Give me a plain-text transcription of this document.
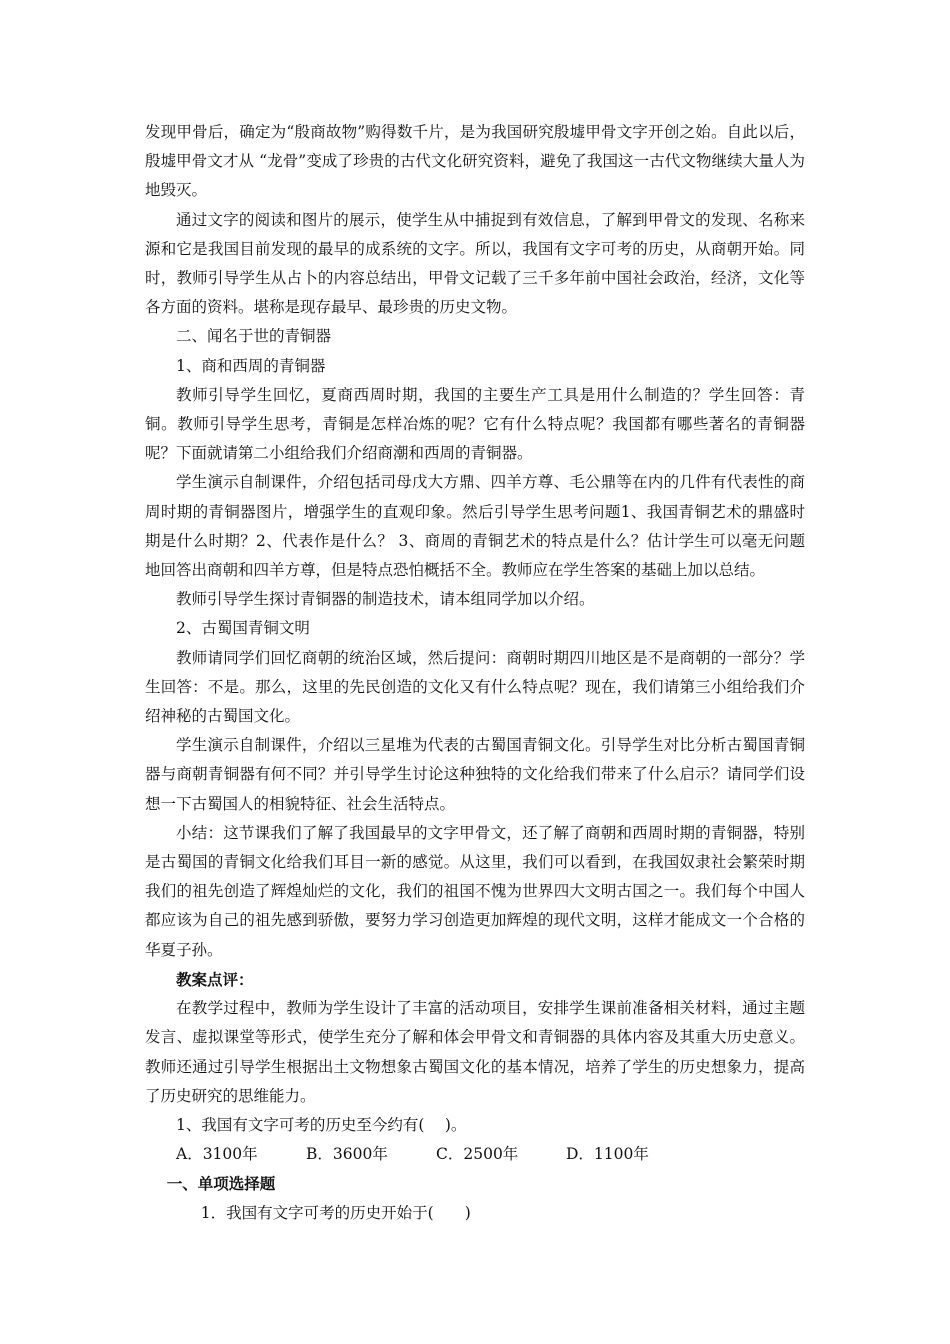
发现甲骨后，确定为“殷商故物”购得数千片，是为我国研究殷墟甲骨文字开创之始。自此以后，殷墟甲骨文才从 “龙骨”变成了珍贵的古代文化研究资料，避免了我国这一古代文物继续大量人为地毁灭。

通过文字的阅读和图片的展示，使学生从中捕捉到有效信息，了解到甲骨文的发现、名称来源和它是我国目前发现的最早的成系统的文字。所以，我国有文字可考的历史，从商朝开始。同时，教师引导学生从占卜的内容总结出，甲骨文记载了三千多年前中国社会政治，经济，文化等各方面的资料。堪称是现存最早、最珍贵的历史文物。

二、闻名于世的青铜器

1、商和西周的青铜器

教师引导学生回忆，夏商西周时期，我国的主要生产工具是用什么制造的？学生回答：青铜。教师引导学生思考，青铜是怎样冶炼的呢？它有什么特点呢？我国都有哪些著名的青铜器呢？下面就请第二小组给我们介绍商潮和西周的青铜器。

学生演示自制课件，介绍包括司母戊大方鼎、四羊方尊、毛公鼎等在内的几件有代表性的商周时期的青铜器图片，增强学生的直观印象。然后引导学生思考问题1、我国青铜艺术的鼎盛时期是什么时期？2、代表作是什么？ 3、商周的青铜艺术的特点是什么？估计学生可以毫无问题地回答出商朝和四羊方尊，但是特点恐怕概括不全。教师应在学生答案的基础上加以总结。

教师引导学生探讨青铜器的制造技术，请本组同学加以介绍。

2、古蜀国青铜文明

教师请同学们回忆商朝的统治区域，然后提问：商朝时期四川地区是不是商朝的一部分？学生回答：不是。那么，这里的先民创造的文化又有什么特点呢？现在，我们请第三小组给我们介绍神秘的古蜀国文化。

学生演示自制课件，介绍以三星堆为代表的古蜀国青铜文化。引导学生对比分析古蜀国青铜器与商朝青铜器有何不同？并引导学生讨论这种独特的文化给我们带来了什么启示？请同学们设想一下古蜀国人的相貌特征、社会生活特点。

小结：这节课我们了解了我国最早的文字甲骨文，还了解了商朝和西周时期的青铜器，特别是古蜀国的青铜文化给我们耳目一新的感觉。从这里，我们可以看到，在我国奴隶社会繁荣时期我们的祖先创造了辉煌灿烂的文化，我们的祖国不愧为世界四大文明古国之一。我们每个中国人都应该为自己的祖先感到骄傲，要努力学习创造更加辉煌的现代文明，这样才能成文一个合格的华夏子孙。

教案点评：

在教学过程中，教师为学生设计了丰富的活动项目，安排学生课前准备相关材料，通过主题发言、虚拟课堂等形式，使学生充分了解和体会甲骨文和青铜器的具体内容及其重大历史意义。教师还通过引导学生根据出土文物想象古蜀国文化的基本情况，培养了学生的历史想象力，提高了历史研究的思维能力。

1、我国有文字可考的历史至今约有(　 )。

A．3100年	B．3600年	C．2500年	D．1100年

一、单项选择题

1．我国有文字可考的历史开始于(　　)
